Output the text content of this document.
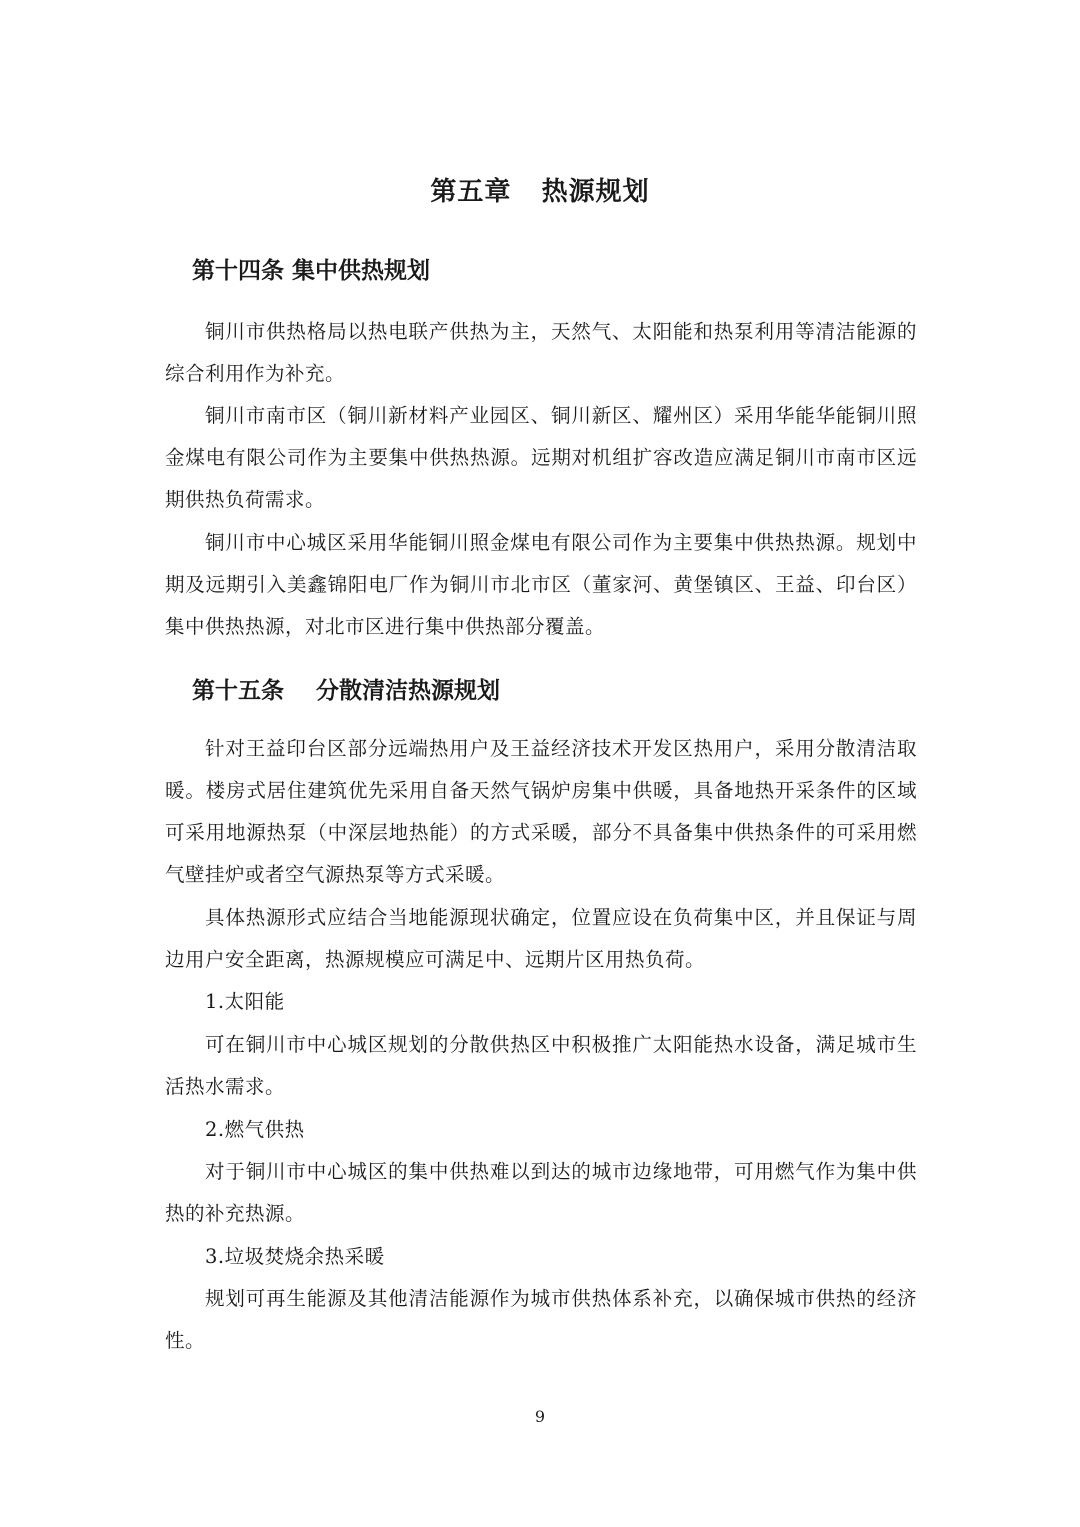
第五章   热源规划
第十四条 集中供热规划

铜川市供热格局以热电联产供热为主，天然气、太阳能和热泵利用等清洁能源的综合利用作为补充。

铜川市南市区（铜川新材料产业园区、铜川新区、耀州区）采用华能华能铜川照金煤电有限公司作为主要集中供热热源。远期对机组扩容改造应满足铜川市南市区远期供热负荷需求。

铜川市中心城区采用华能铜川照金煤电有限公司作为主要集中供热热源。规划中期及远期引入美鑫锦阳电厂作为铜川市北市区（董家河、黄堡镇区、王益、印台区）集中供热热源，对北市区进行集中供热部分覆盖。

第十五条    分散清洁热源规划

针对王益印台区部分远端热用户及王益经济技术开发区热用户，采用分散清洁取暖。楼房式居住建筑优先采用自备天然气锅炉房集中供暖，具备地热开采条件的区域可采用地源热泵（中深层地热能）的方式采暖，部分不具备集中供热条件的可采用燃气壁挂炉或者空气源热泵等方式采暖。

具体热源形式应结合当地能源现状确定，位置应设在负荷集中区，并且保证与周边用户安全距离，热源规模应可满足中、远期片区用热负荷。

1.太阳能

可在铜川市中心城区规划的分散供热区中积极推广太阳能热水设备，满足城市生活热水需求。

2.燃气供热

对于铜川市中心城区的集中供热难以到达的城市边缘地带，可用燃气作为集中供热的补充热源。

3.垃圾焚烧余热采暖

规划可再生能源及其他清洁能源作为城市供热体系补充，以确保城市供热的经济性。

9
